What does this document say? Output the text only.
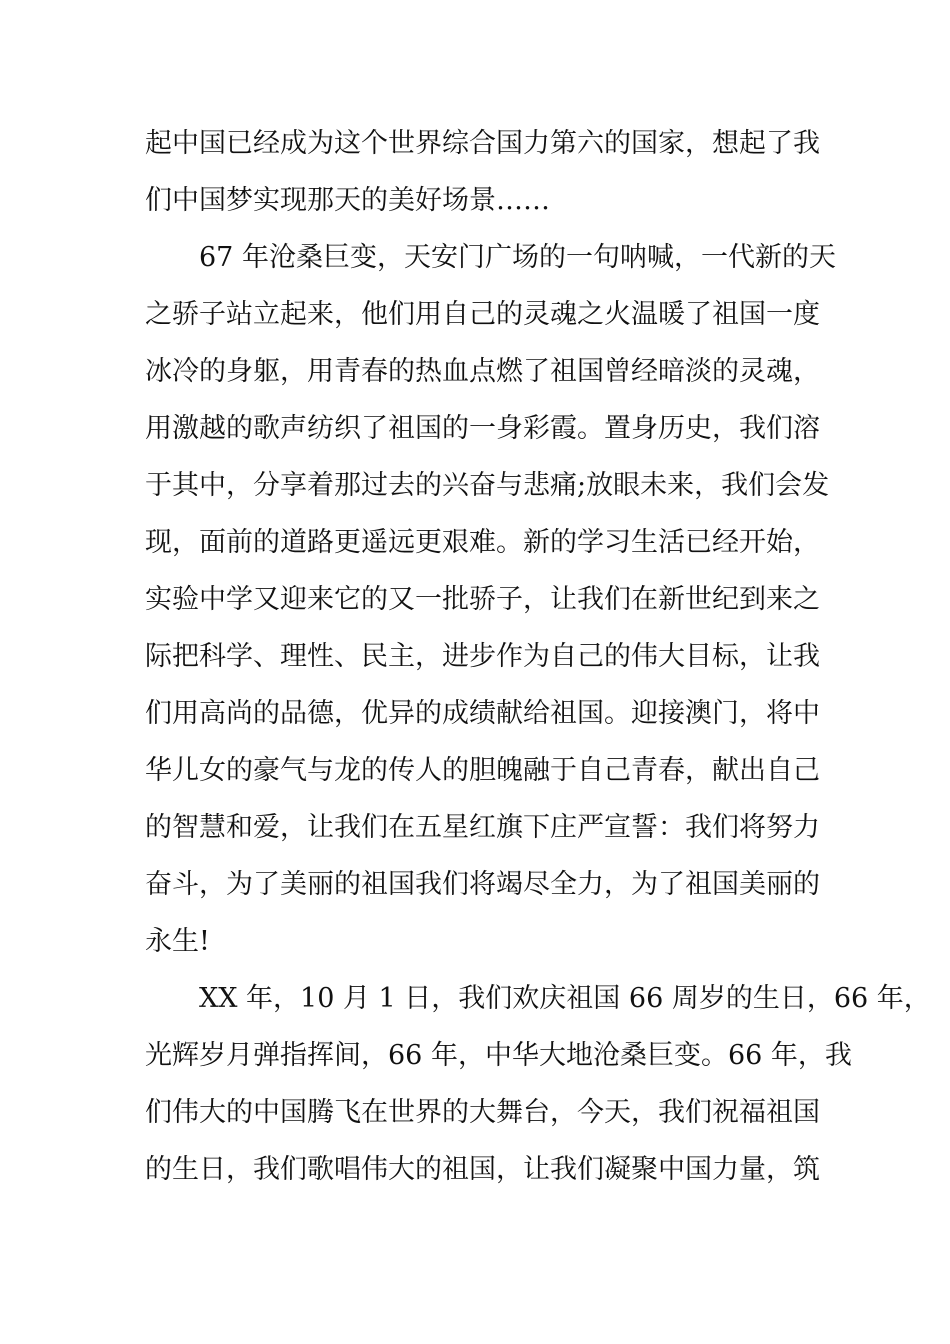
起中国已经成为这个世界综合国力第六的国家，想起了我
们中国梦实现那天的美好场景……
67 年沧桑巨变，天安门广场的一句呐喊，一代新的天
之骄子站立起来，他们用自己的灵魂之火温暖了祖国一度
冰冷的身躯，用青春的热血点燃了祖国曾经暗淡的灵魂，
用激越的歌声纺织了祖国的一身彩霞。置身历史，我们溶
于其中，分享着那过去的兴奋与悲痛;放眼未来，我们会发
现，面前的道路更遥远更艰难。新的学习生活已经开始，
实验中学又迎来它的又一批骄子，让我们在新世纪到来之
际把科学、理性、民主，进步作为自己的伟大目标，让我
们用高尚的品德，优异的成绩献给祖国。迎接澳门，将中
华儿女的豪气与龙的传人的胆魄融于自己青春，献出自己
的智慧和爱，让我们在五星红旗下庄严宣誓：我们将努力
奋斗，为了美丽的祖国我们将竭尽全力，为了祖国美丽的
永生!
XX 年，10 月 1 日，我们欢庆祖国 66 周岁的生日，66 年，
光辉岁月弹指挥间，66 年，中华大地沧桑巨变。66 年，我
们伟大的中国腾飞在世界的大舞台，今天，我们祝福祖国
的生日，我们歌唱伟大的祖国，让我们凝聚中国力量，筑
